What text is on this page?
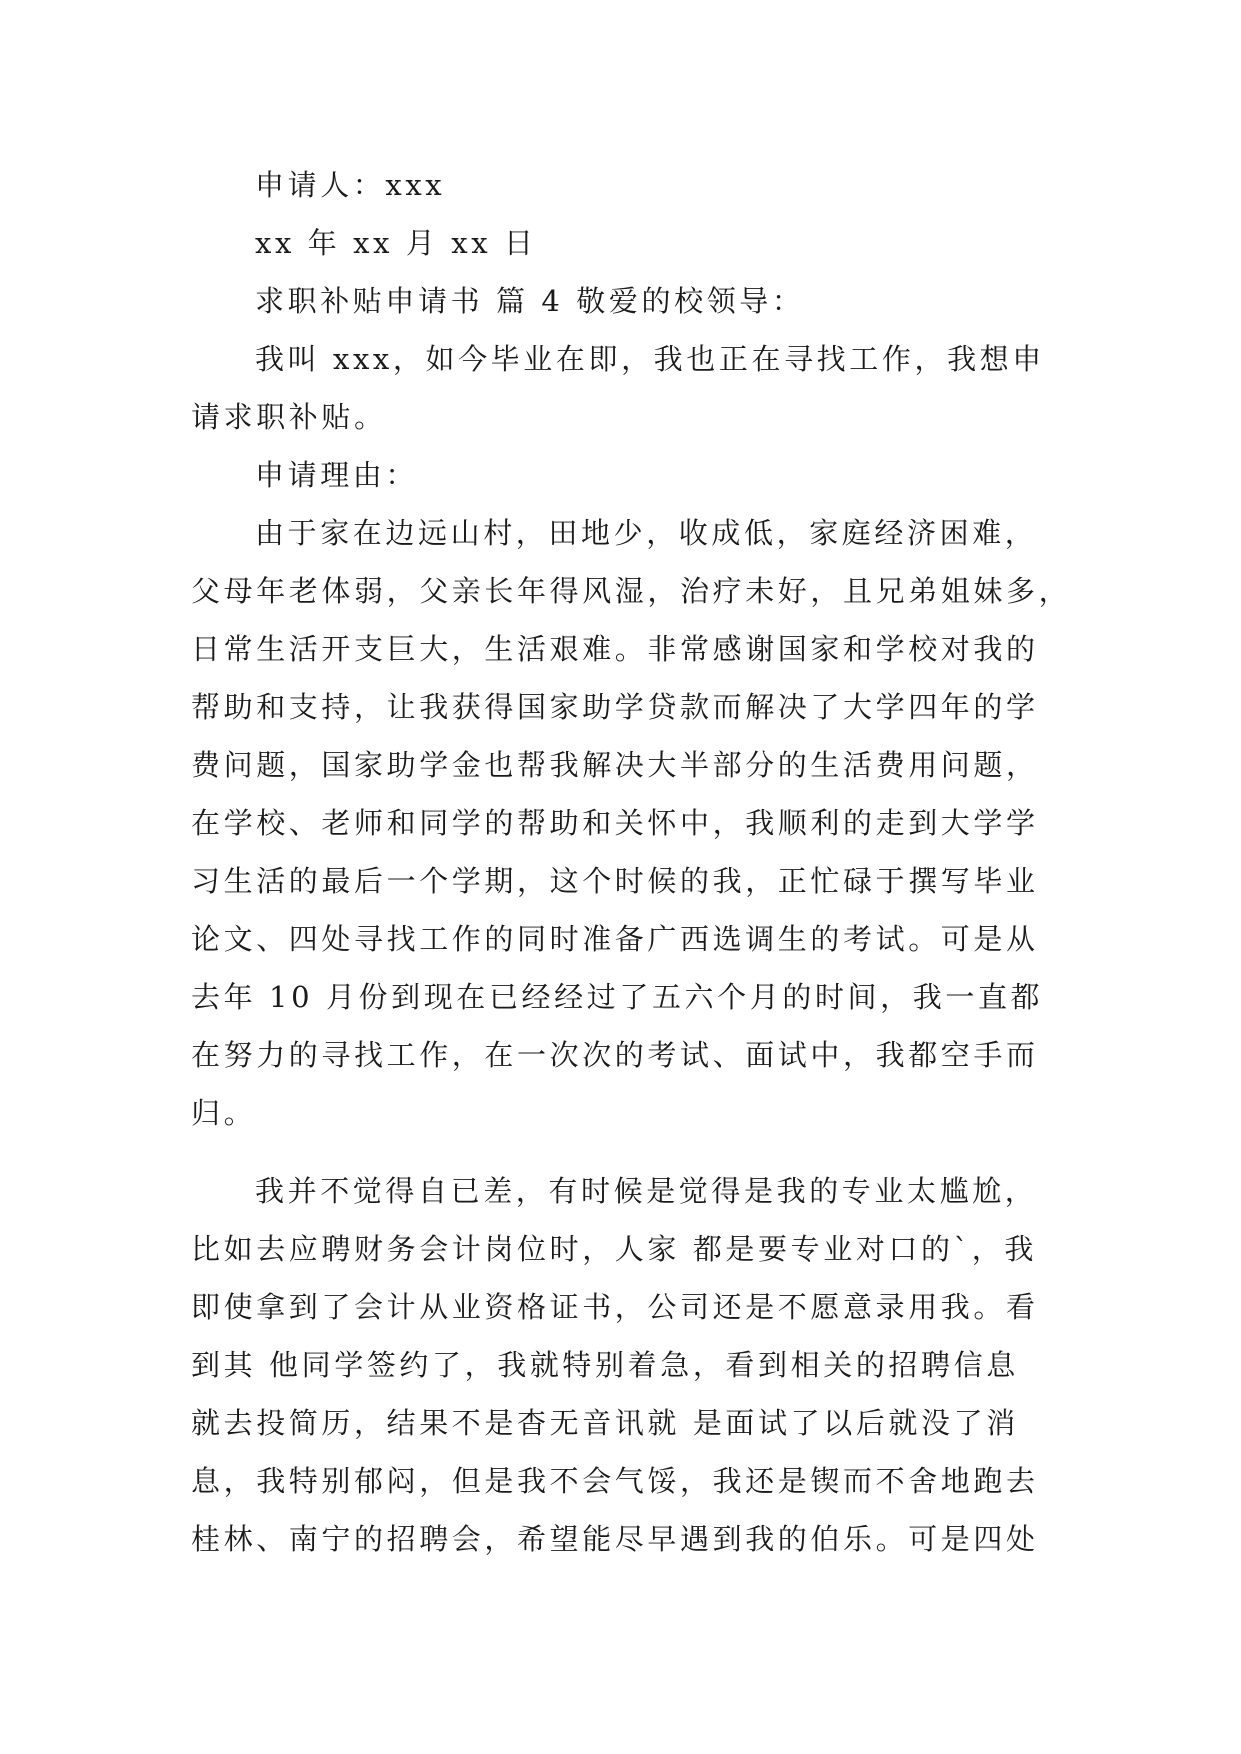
申请人：xxx
xx 年 xx 月 xx 日
求职补贴申请书 篇 4 敬爱的校领导：
我叫 xxx，如今毕业在即，我也正在寻找工作，我想申
请求职补贴。
申请理由：
由于家在边远山村，田地少，收成低，家庭经济困难，
父母年老体弱，父亲长年得风湿，治疗未好，且兄弟姐妹多，
日常生活开支巨大，生活艰难。非常感谢国家和学校对我的
帮助和支持，让我获得国家助学贷款而解决了大学四年的学
费问题，国家助学金也帮我解决大半部分的生活费用问题，
在学校、老师和同学的帮助和关怀中，我顺利的走到大学学
习生活的最后一个学期，这个时候的我，正忙碌于撰写毕业
论文、四处寻找工作的同时准备广西选调生的考试。可是从
去年 10 月份到现在已经经过了五六个月的时间，我一直都
在努力的寻找工作，在一次次的考试、面试中，我都空手而
归。
我并不觉得自已差，有时候是觉得是我的专业太尴尬，
比如去应聘财务会计岗位时，人家 都是要专业对口的`，我
即使拿到了会计从业资格证书，公司还是不愿意录用我。看
到其 他同学签约了，我就特别着急，看到相关的招聘信息
就去投简历，结果不是杳无音讯就 是面试了以后就没了消
息，我特别郁闷，但是我不会气馁，我还是锲而不舍地跑去
桂林、南宁的招聘会，希望能尽早遇到我的伯乐。可是四处
